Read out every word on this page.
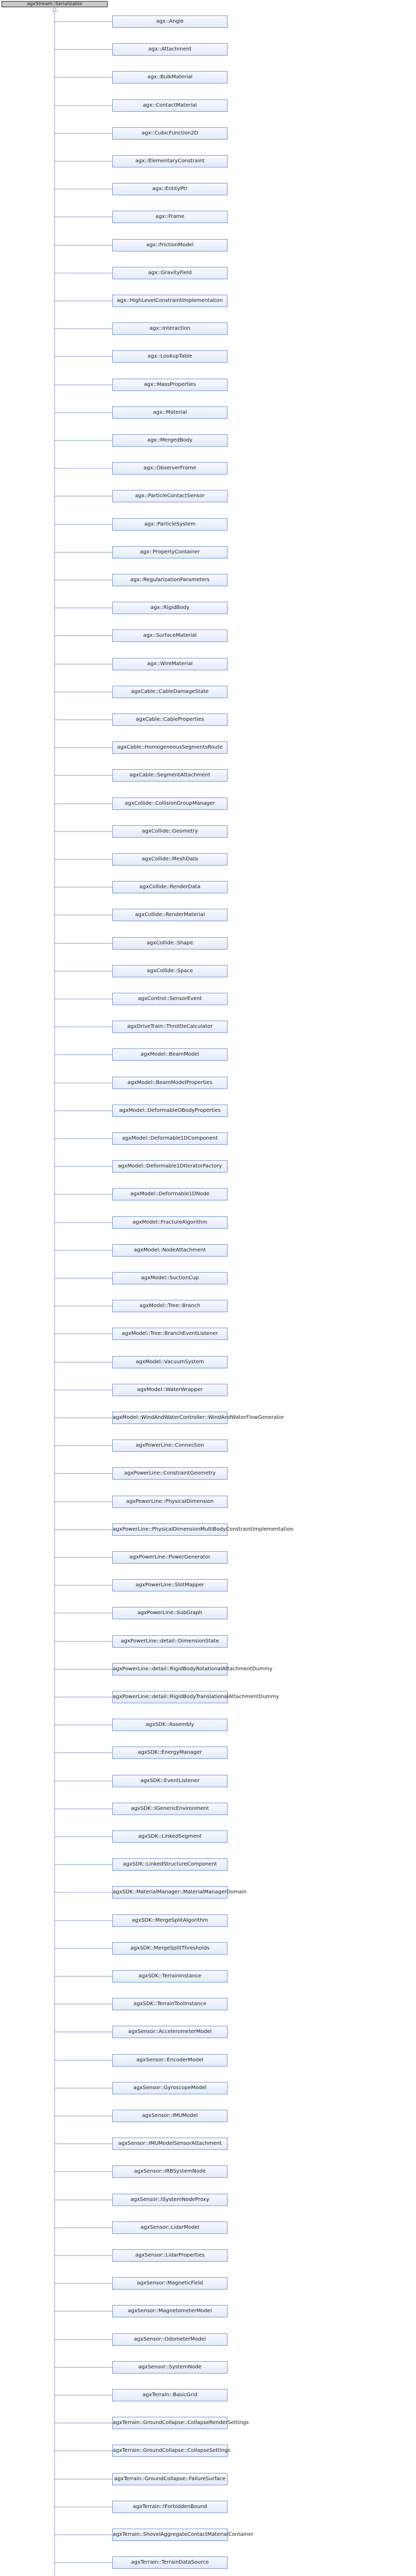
agxStream::Serializable
agx::Angle
agx::Attachment
agx::BulkMaterial
agx::ContactMaterial
agx::CubicFunction2D
agx::ElementaryConstraint
agx::EntityPtr
agx::Frame
agx::FrictionModel
agx::GravityField
agx::HighLevelConstraintImplementation
agx::Interaction
agx::LookupTable
agx::MassProperties
agx::Material
agx::MergedBody
agx::ObserverFrame
agx::ParticleContactSensor
agx::ParticleSystem
agx::PropertyContainer
agx::RegularizationParameters
agx::RigidBody
agx::SurfaceMaterial
agx::WireMaterial
agxCable::CableDamageState
agxCable::CableProperties
agxCable::HomogeneousSegmentsRoute
agxCable::SegmentAttachment
agxCollide::CollisionGroupManager
agxCollide::Geometry
agxCollide::MeshData
agxCollide::RenderData
agxCollide::RenderMaterial
agxCollide::Shape
agxCollide::Space
agxControl::SensorEvent
agxDriveTrain::ThrottleCalculator
agxModel::BeamModel
agxModel::BeamModelProperties
agxModel::DeformableOBodyProperties
agxModel::Deformable1DComponent
agxModel::Deformable1DIteratorFactory
agxModel::Deformable1DNode
agxModel::FractureAlgorithm
agxModel::NodeAttachment
agxModel::SuctionCup
agxModel::Tree::Branch
agxModel::Tree::BranchEventListener
agxModel::VacuumSystem
agxModel::WaterWrapper
agxModel::WindAndWaterController::WindAndWaterFlowGenerator
agxPowerLine::Connection
agxPowerLine::ConstraintGeometry
agxPowerLine::PhysicalDimension
agxPowerLine::PhysicalDimensionMultiBodyConstraintImplementation
agxPowerLine::PowerGenerator
agxPowerLine::SlotMapper
agxPowerLine::SubGraph
agxPowerLine::detail::DimensionState
agxPowerLine::detail::RigidBodyRotationalAttachmentDummy
agxPowerLine::detail::RigidBodyTranslationalAttachmentDummy
agxSDK::Assembly
agxSDK::EnergyManager
agxSDK::EventListener
agxSDK::IGenericEnvironment
agxSDK::LinkedSegment
agxSDK::LinkedStructureComponent
agxSDK::MaterialManager::MaterialManagerDomain
agxSDK::MergeSplitAlgorithm
agxSDK::MergeSplitThresholds
agxSDK::TerrainInstance
agxSDK::TerrainToolInstance
agxSensor::AccelerometerModel
agxSensor::EncoderModel
agxSensor::GyroscopeModel
agxSensor::IMUModel
agxSensor::IMUModelSensorAttachment
agxSensor::IRBSystemNode
agxSensor::ISystemNodeProxy
agxSensor::LidarModel
agxSensor::LidarProperties
agxSensor::MagneticField
agxSensor::MagnetometerModel
agxSensor::OdometerModel
agxSensor::SystemNode
agxTerrain::BasicGrid
agxTerrain::GroundCollapse::CollapseRenderSettings
agxTerrain::GroundCollapse::CollapseSettings
agxTerrain::GroundCollapse::FailureSurface
agxTerrain::IForbiddenBound
agxTerrain::ShovelAggregateContactMaterialContainer
agxTerrain::TerrainDataSource
